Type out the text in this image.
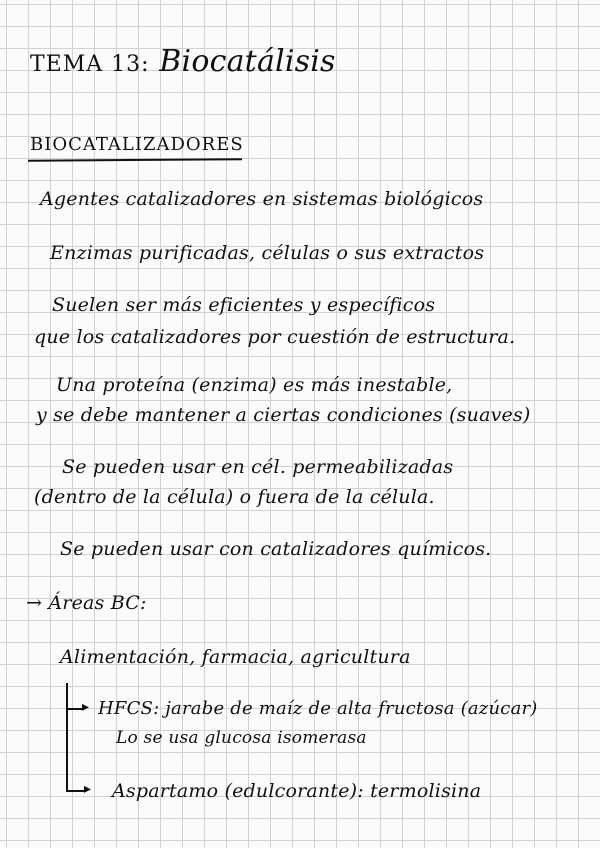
TEMA 13: Biocatálisis
BIOCATALIZADORES
Agentes catalizadores en sistemas biológicos
Enzimas purificadas, células o sus extractos
Suelen ser más eficientes y específicos
que los catalizadores por cuestión de estructura.
Una proteína (enzima) es más inestable,
y se debe mantener a ciertas condiciones (suaves)
Se pueden usar en cél. permeabilizadas
(dentro de la célula) o fuera de la célula.
Se pueden usar con catalizadores químicos.
→ Áreas BC:
Alimentación, farmacia, agricultura
▸
▸
HFCS: jarabe de maíz de alta fructosa (azúcar)
Lo se usa glucosa isomerasa
Aspartamo (edulcorante): termolisina
